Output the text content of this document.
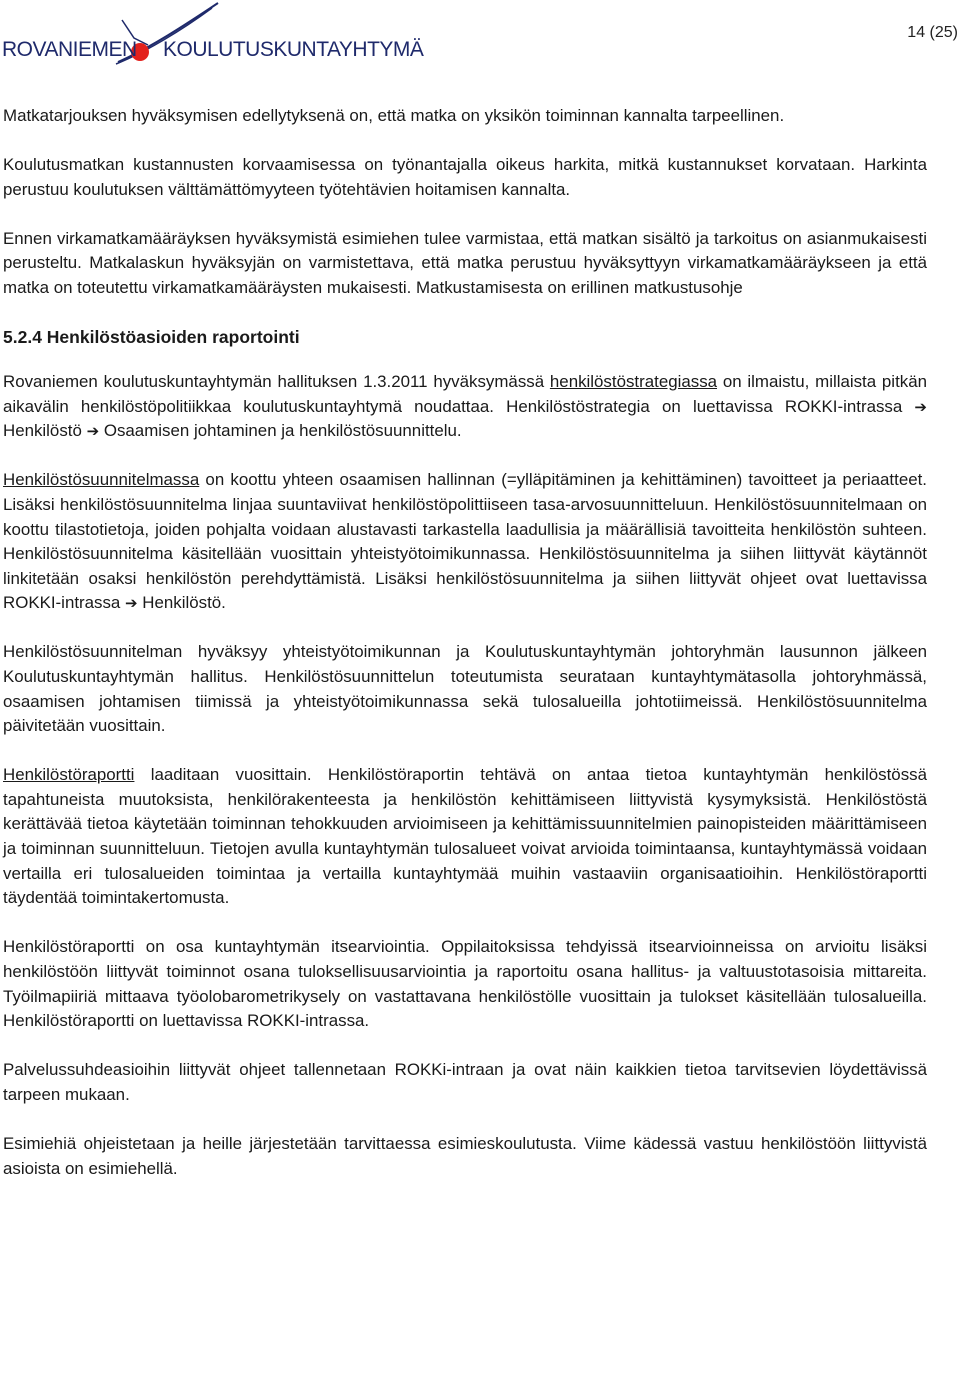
ROVANIEMEN KOULUTUSKUNTAYHTYMÄ
14 (25)

Matkatarjouksen hyväksymisen edellytyksenä on, että matka on yksikön toiminnan kannalta tarpeellinen.

Koulutusmatkan kustannusten korvaamisessa on työnantajalla oikeus harkita, mitkä kustannukset korvataan. Harkinta perustuu koulutuksen välttämättömyyteen työtehtävien hoitamisen kannalta.

Ennen virkamatkamääräyksen hyväksymistä esimiehen tulee varmistaa, että matkan sisältö ja tarkoitus on asianmukaisesti perusteltu. Matkalaskun hyväksyjän on varmistettava, että matka perustuu hyväksyttyyn virkamatkamääräykseen ja että matka on toteutettu virkamatkamääräysten mukaisesti. Matkustamisesta on erillinen matkustusohje

5.2.4 Henkilöstöasioiden raportointi

Rovaniemen koulutuskuntayhtymän hallituksen 1.3.2011 hyväksymässä henkilöstöstrategiassa on ilmaistu, millaista pitkän aikavälin henkilöstöpolitiikkaa koulutuskuntayhtymä noudattaa. Henkilöstöstrategia on luettavissa ROKKI-intrassa ➔ Henkilöstö ➔ Osaamisen johtaminen ja henkilöstösuunnittelu.

Henkilöstösuunnitelmassa on koottu yhteen osaamisen hallinnan (=ylläpitäminen ja kehittäminen) tavoitteet ja periaatteet. Lisäksi henkilöstösuunnitelma linjaa suuntaviivat henkilöstöpolittiiseen tasa-arvosuunnitteluun. Henkilöstösuunnitelmaan on koottu tilastotietoja, joiden pohjalta voidaan alustavasti tarkastella laadullisia ja määrällisiä tavoitteita henkilöstön suhteen. Henkilöstösuunnitelma käsitellään vuosittain yhteistyötoimikunnassa. Henkilöstösuunnitelma ja siihen liittyvät käytännöt linkitetään osaksi henkilöstön perehdyttämistä. Lisäksi henkilöstösuunnitelma ja siihen liittyvät ohjeet ovat luettavissa ROKKI-intrassa ➔ Henkilöstö.

Henkilöstösuunnitelman hyväksyy yhteistyötoimikunnan ja Koulutuskuntayhtymän johtoryhmän lausunnon jälkeen Koulutuskuntayhtymän hallitus. Henkilöstösuunnittelun toteutumista seurataan kuntayhtymätasolla johtoryhmässä, osaamisen johtamisen tiimissä ja yhteistyötoimikunnassa sekä tulosalueilla johtotiimeissä. Henkilöstösuunnitelma päivitetään vuosittain.

Henkilöstöraportti laaditaan vuosittain. Henkilöstöraportin tehtävä on antaa tietoa kuntayhtymän henkilöstössä tapahtuneista muutoksista, henkilörakenteesta ja henkilöstön kehittämiseen liittyvistä kysymyksistä. Henkilöstöstä kerättävää tietoa käytetään toiminnan tehokkuuden arvioimiseen ja kehittämissuunnitelmien painopisteiden määrittämiseen ja toiminnan suunnitteluun. Tietojen avulla kuntayhtymän tulosalueet voivat arvioida toimintaansa, kuntayhtymässä voidaan vertailla eri tulosalueiden toimintaa ja vertailla kuntayhtymää muihin vastaaviin organisaatioihin. Henkilöstöraportti täydentää toimintakertomusta.

Henkilöstöraportti on osa kuntayhtymän itsearviointia. Oppilaitoksissa tehdyissä itsearvioinneissa on arvioitu lisäksi henkilöstöön liittyvät toiminnot osana tuloksellisuusarviointia ja raportoitu osana hallitus- ja valtuustotasoisia mittareita. Työilmapiiriä mittaava työolobarometrikysely on vastattavana henkilöstölle vuosittain ja tulokset käsitellään tulosalueilla. Henkilöstöraportti on luettavissa ROKKI-intrassa.

Palvelussuhdeasioihin liittyvät ohjeet tallennetaan ROKKi-intraan ja ovat näin kaikkien tietoa tarvitsevien löydettävissä tarpeen mukaan.

Esimiehiä ohjeistetaan ja heille järjestetään tarvittaessa esimieskoulutusta. Viime kädessä vastuu henkilöstöön liittyvistä asioista on esimiehellä.
